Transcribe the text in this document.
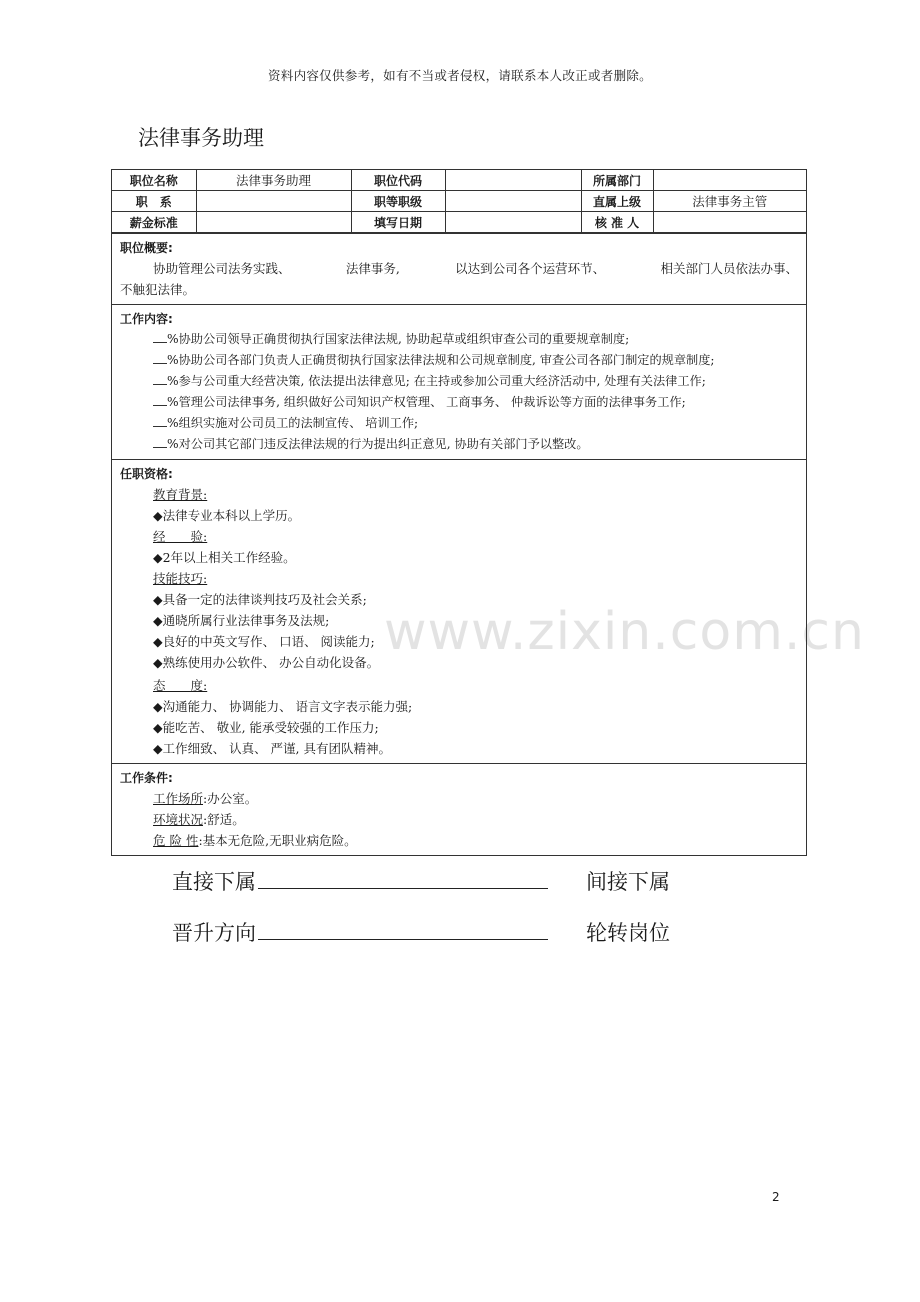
资料内容仅供参考，如有不当或者侵权，请联系本人改正或者删除。
法律事务助理
www.zixin.com.cn
职位名称	法律事务助理	职位代码		所属部门	
职　系		职等职级		直属上级	法律事务主管
薪金标准		填写日期		核 准 人	
职位概要:
协助管理公司法务实践、	法律事务,	以达到公司各个运营环节、	相关部门人员依法办事、
不触犯法律。
工作内容:
%协助公司领导正确贯彻执行国家法律法规, 协助起草或组织审查公司的重要规章制度;
%协助公司各部门负责人正确贯彻执行国家法律法规和公司规章制度, 审查公司各部门制定的规章制度;
%参与公司重大经营决策, 依法提出法律意见; 在主持或参加公司重大经济活动中, 处理有关法律工作;
%管理公司法律事务, 组织做好公司知识产权管理、 工商事务、 仲裁诉讼等方面的法律事务工作;
%组织实施对公司员工的法制宣传、 培训工作;
%对公司其它部门违反法律法规的行为提出纠正意见, 协助有关部门予以整改。
任职资格:
教育背景:
◆法律专业本科以上学历。
经　　验:
◆2年以上相关工作经验。
技能技巧:
◆具备一定的法律谈判技巧及社会关系;
◆通晓所属行业法律事务及法规;
◆良好的中英文写作、 口语、 阅读能力;
◆熟练使用办公软件、 办公自动化设备。
态　　度:
◆沟通能力、 协调能力、 语言文字表示能力强;
◆能吃苦、 敬业, 能承受较强的工作压力;
◆工作细致、 认真、 严谨, 具有团队精神。
工作条件:
工作场所:办公室。
环境状况:舒适。
危 险 性:基本无危险,无职业病危险。
直接下属	间接下属
晋升方向	轮转岗位
2
